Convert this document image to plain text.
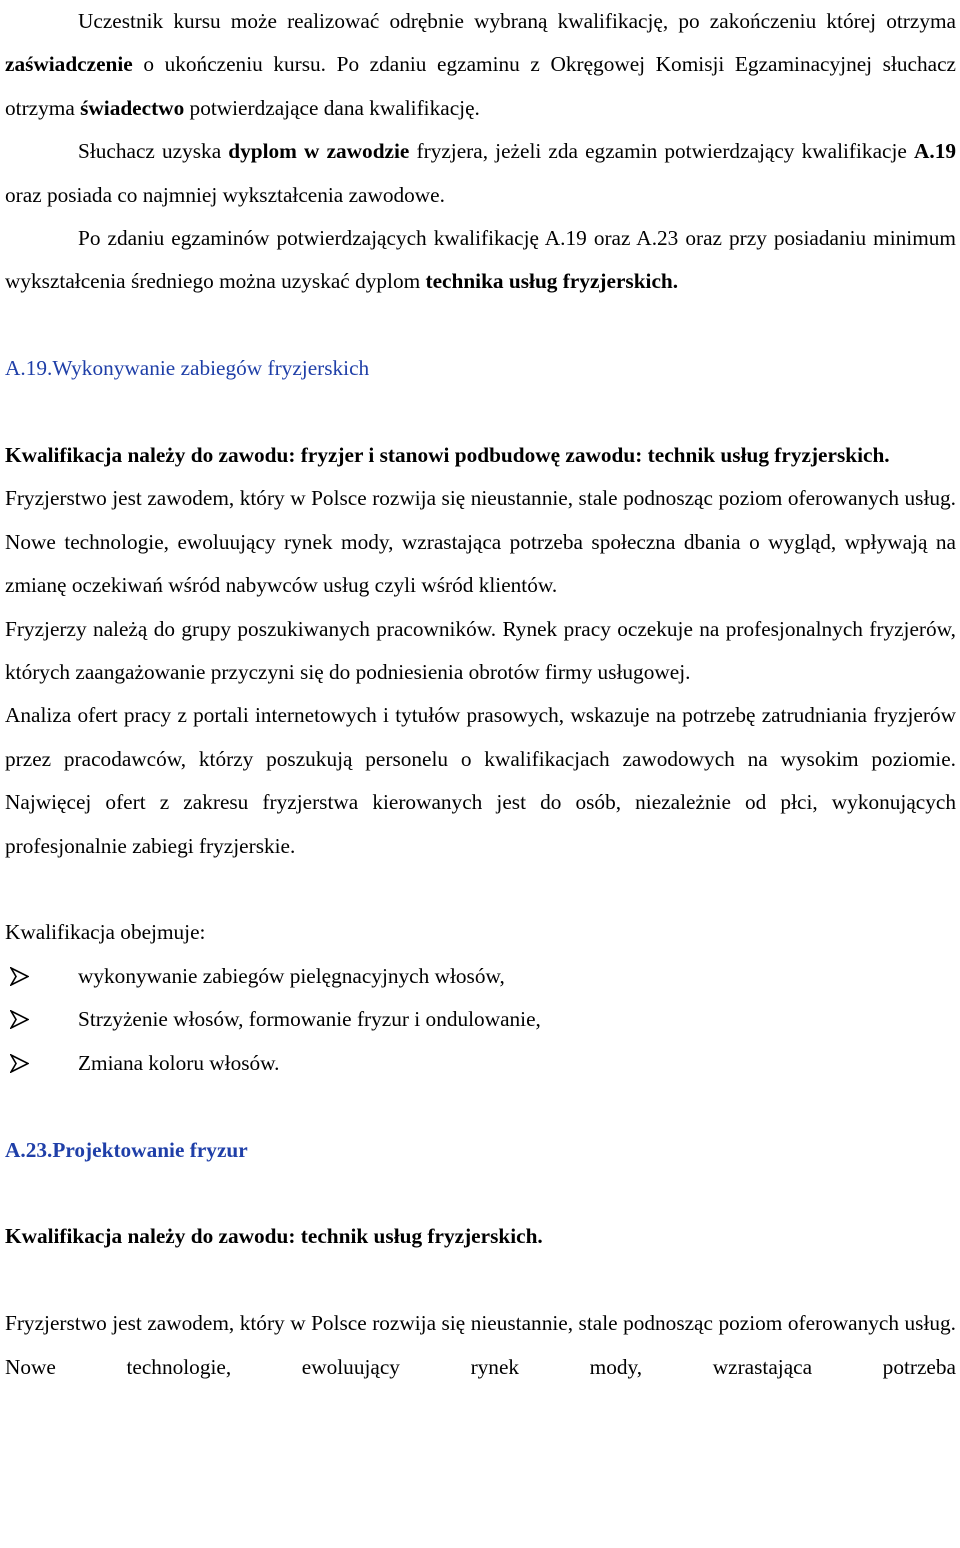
Uczestnik kursu może realizować odrębnie wybraną kwalifikację, po zakończeniu której otrzyma zaświadczenie o ukończeniu kursu. Po zdaniu egzaminu z Okręgowej Komisji Egzaminacyjnej słuchacz otrzyma świadectwo potwierdzające dana kwalifikację.

Słuchacz uzyska dyplom w zawodzie fryzjera, jeżeli zda egzamin potwierdzający kwalifikacje A.19 oraz posiada co najmniej wykształcenia zawodowe.

Po zdaniu egzaminów potwierdzających kwalifikację A.19 oraz A.23 oraz przy posiadaniu minimum wykształcenia średniego można uzyskać dyplom technika usług fryzjerskich.

A.19.Wykonywanie zabiegów fryzjerskich

Kwalifikacja należy do zawodu: fryzjer i stanowi podbudowę zawodu: technik usług fryzjerskich.

Fryzjerstwo jest zawodem, który w Polsce rozwija się nieustannie, stale podnosząc poziom oferowanych usług. Nowe technologie, ewoluujący rynek mody, wzrastająca potrzeba społeczna dbania o wygląd, wpływają na zmianę oczekiwań wśród nabywców usług czyli wśród klientów.

Fryzjerzy należą do grupy poszukiwanych pracowników. Rynek pracy oczekuje na profesjonalnych fryzjerów, których zaangażowanie przyczyni się do podniesienia obrotów firmy usługowej.

Analiza ofert pracy z portali internetowych i tytułów prasowych, wskazuje na potrzebę zatrudniania fryzjerów przez pracodawców, którzy poszukują personelu o kwalifikacjach zawodowych na wysokim poziomie. Najwięcej ofert z zakresu fryzjerstwa kierowanych jest do osób, niezależnie od płci, wykonujących profesjonalnie zabiegi fryzjerskie.

Kwalifikacja obejmuje:

wykonywanie zabiegów pielęgnacyjnych włosów,
Strzyżenie włosów, formowanie fryzur i ondulowanie,
Zmiana koloru włosów.

A.23.Projektowanie fryzur

Kwalifikacja należy do zawodu: technik usług fryzjerskich.

Fryzjerstwo jest zawodem, który w Polsce rozwija się nieustannie, stale podnosząc poziom oferowanych usług. Nowe technologie, ewoluujący rynek mody, wzrastająca potrzeba
